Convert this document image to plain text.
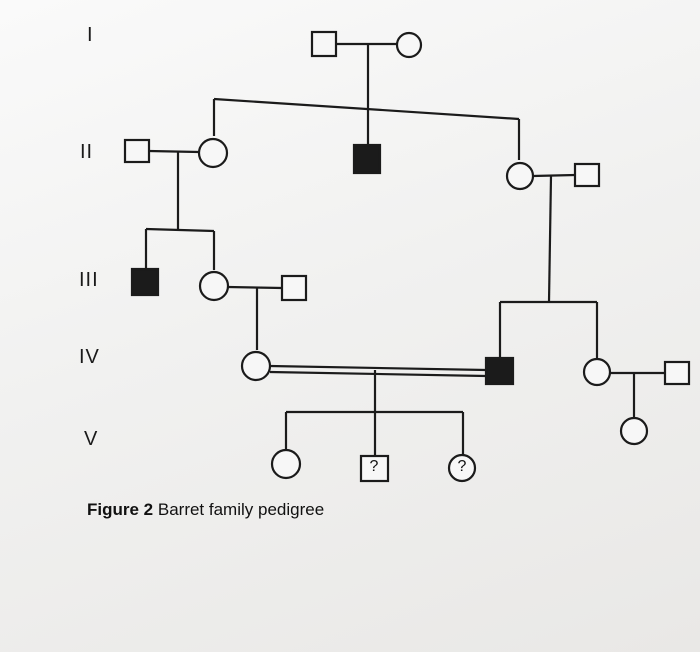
I
II
III
IV
V
?	?
Figure 2 Barret family pedigree
